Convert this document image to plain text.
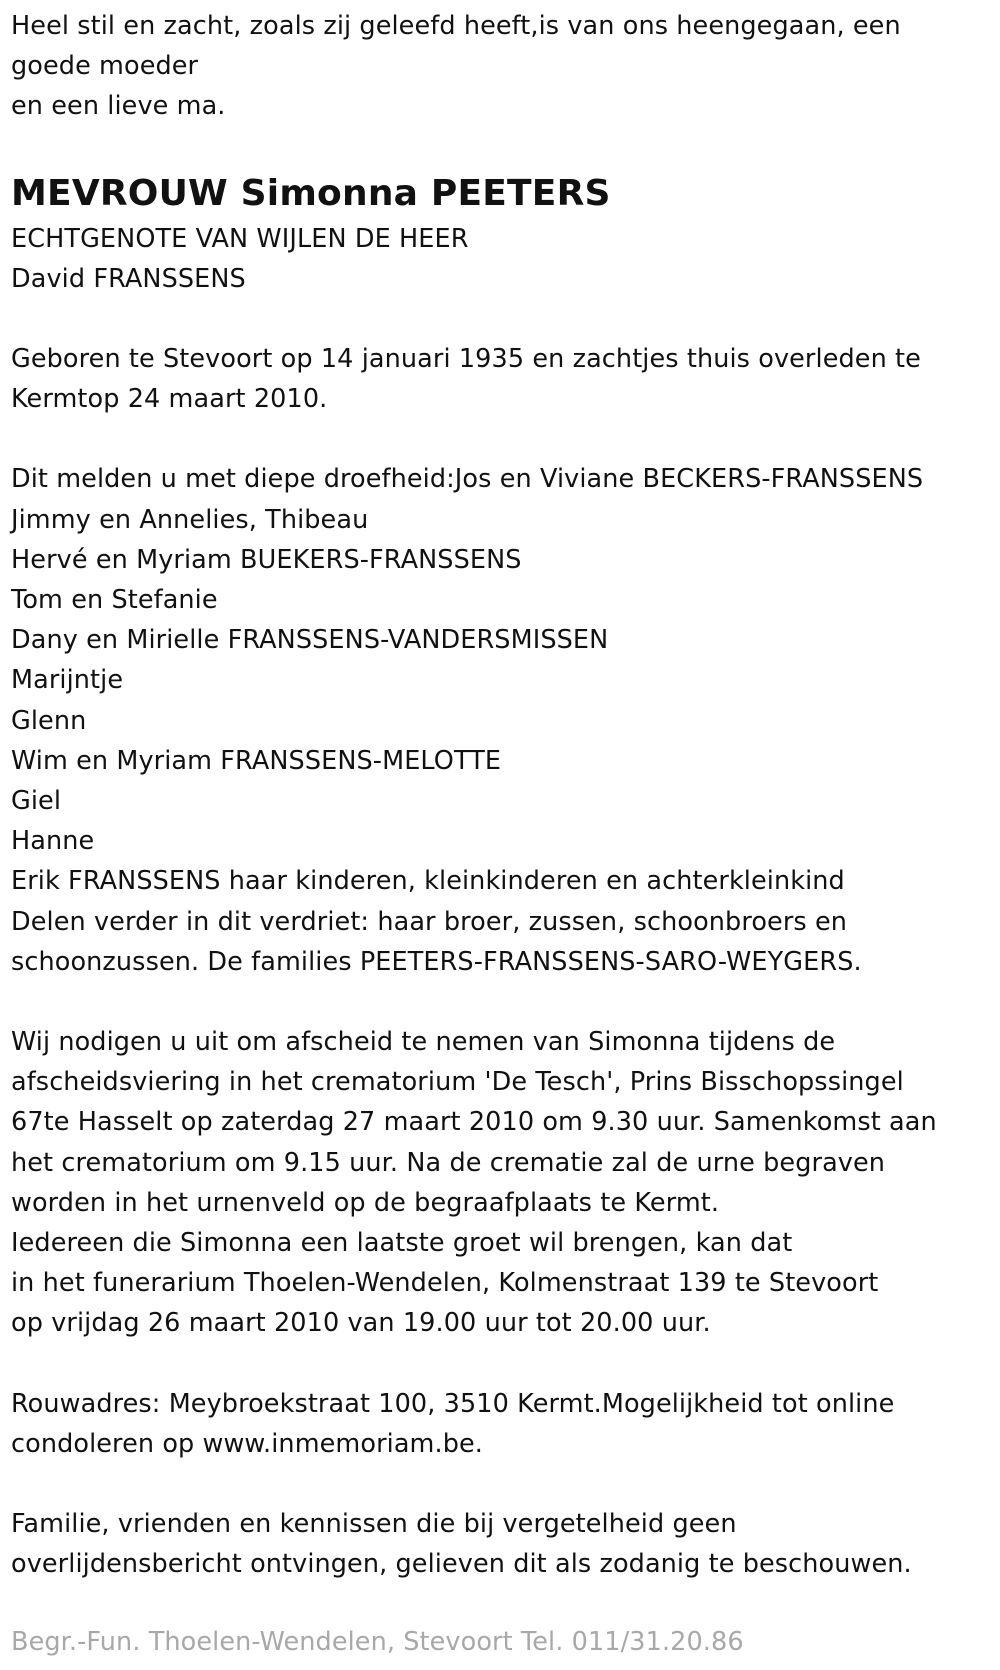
Heel stil en zacht, zoals zij geleefd heeft,is van ons heengegaan, een
goede moeder
en een lieve ma.
MEVROUW Simonna PEETERS
ECHTGENOTE VAN WIJLEN DE HEER
David FRANSSENS
Geboren te Stevoort op 14 januari 1935 en zachtjes thuis overleden te
Kermtop 24 maart 2010.
Dit melden u met diepe droefheid:Jos en Viviane BECKERS-FRANSSENS
Jimmy en Annelies, Thibeau
Hervé en Myriam BUEKERS-FRANSSENS
Tom en Stefanie
Dany en Mirielle FRANSSENS-VANDERSMISSEN
Marijntje
Glenn
Wim en Myriam FRANSSENS-MELOTTE
Giel
Hanne
Erik FRANSSENS haar kinderen, kleinkinderen en achterkleinkind
Delen verder in dit verdriet: haar broer, zussen, schoonbroers en
schoonzussen. De families PEETERS-FRANSSENS-SARO-WEYGERS.
Wij nodigen u uit om afscheid te nemen van Simonna tijdens de
afscheidsviering in het crematorium 'De Tesch', Prins Bisschopssingel
67te Hasselt op zaterdag 27 maart 2010 om 9.30 uur. Samenkomst aan
het crematorium om 9.15 uur. Na de crematie zal de urne begraven
worden in het urnenveld op de begraafplaats te Kermt.
Iedereen die Simonna een laatste groet wil brengen, kan dat
in het funerarium Thoelen-Wendelen, Kolmenstraat 139 te Stevoort
op vrijdag 26 maart 2010 van 19.00 uur tot 20.00 uur.
Rouwadres: Meybroekstraat 100, 3510 Kermt.Mogelijkheid tot online
condoleren op www.inmemoriam.be.
Familie, vrienden en kennissen die bij vergetelheid geen
overlijdensbericht ontvingen, gelieven dit als zodanig te beschouwen.
Begr.-Fun. Thoelen-Wendelen, Stevoort Tel. 011/31.20.86
